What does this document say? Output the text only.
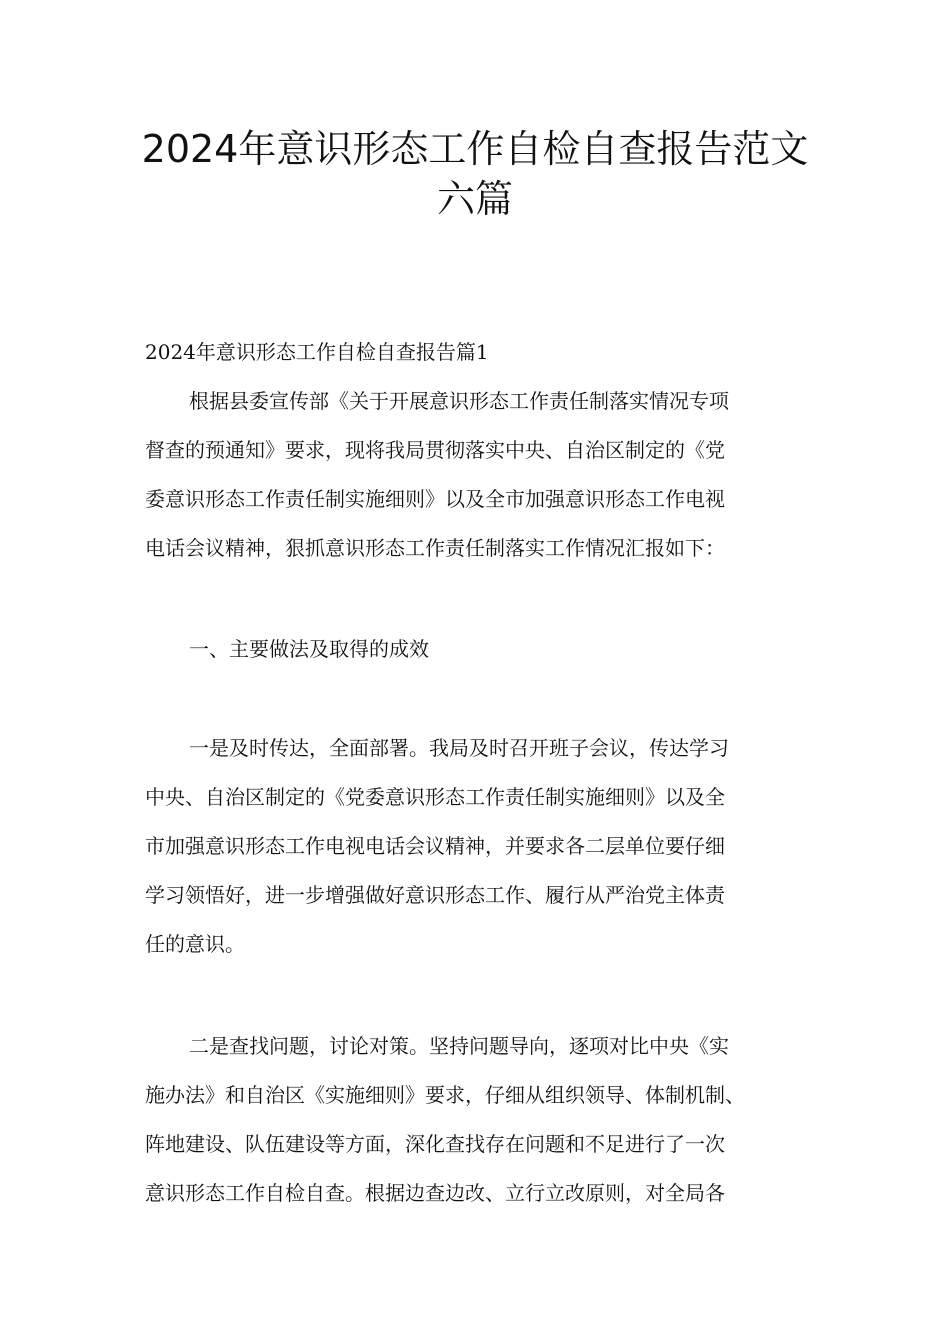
2024年意识形态工作自检自查报告范文
六篇
2024年意识形态工作自检自查报告篇1
根据县委宣传部《关于开展意识形态工作责任制落实情况专项
督查的预通知》要求，现将我局贯彻落实中央、自治区制定的《党
委意识形态工作责任制实施细则》以及全市加强意识形态工作电视
电话会议精神，狠抓意识形态工作责任制落实工作情况汇报如下：
一、主要做法及取得的成效
一是及时传达，全面部署。我局及时召开班子会议，传达学习
中央、自治区制定的《党委意识形态工作责任制实施细则》以及全
市加强意识形态工作电视电话会议精神，并要求各二层单位要仔细
学习领悟好，进一步增强做好意识形态工作、履行从严治党主体责
任的意识。
二是查找问题，讨论对策。坚持问题导向，逐项对比中央《实
施办法》和自治区《实施细则》要求，仔细从组织领导、体制机制、
阵地建设、队伍建设等方面，深化查找存在问题和不足进行了一次
意识形态工作自检自查。根据边查边改、立行立改原则，对全局各
